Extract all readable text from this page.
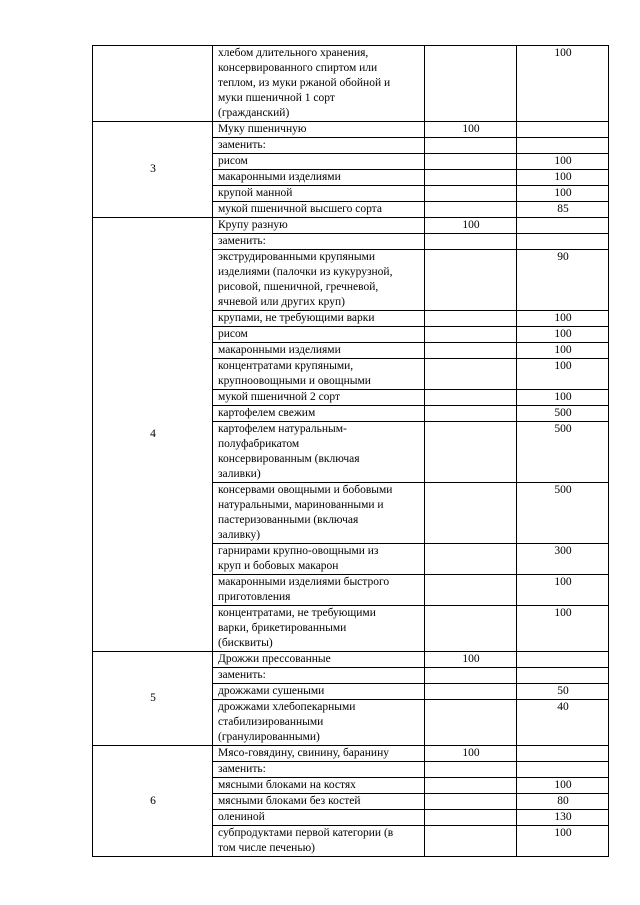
	хлебом длительного хранения,
консервированного спиртом или
теплом, из муки ржаной обойной и
муки пшеничной 1 сорт
(гражданский)		100
3	Муку пшеничную	100	

	заменить:		

	рисом		100

	макаронными изделиями		100

	крупой манной		100

	мукой пшеничной высшего сорта		85
4	Крупу разную	100	

	заменить:		

	экструдированными крупяными
изделиями (палочки из кукурузной,
рисовой, пшеничной, гречневой,
ячневой или других круп)		90

	крупами, не требующими варки		100

	рисом		100

	макаронными изделиями		100

	концентратами крупяными,
крупноовощными и овощными		100

	мукой пшеничной 2 сорт		100

	картофелем свежим		500

	картофелем натуральным-
полуфабрикатом
консервированным (включая
заливки)		500

	консервами овощными и бобовыми
натуральными, маринованными и
пастеризованными (включая
заливку)		500

	гарнирами крупно-овощными из
круп и бобовых макарон		300

	макаронными изделиями быстрого
приготовления		100

	концентратами, не требующими
варки, брикетированными
(бисквиты)		100
5	Дрожжи прессованные	100	

	заменить:		

	дрожжами сушеными		50

	дрожжами хлебопекарными
стабилизированными
(гранулированными)		40
6	Мясо-говядину, свинину, баранину	100	

	заменить:		

	мясными блоками на костях		100

	мясными блоками без костей		80

	олениной		130

	субпродуктами первой категории (в
том числе печенью)		100
